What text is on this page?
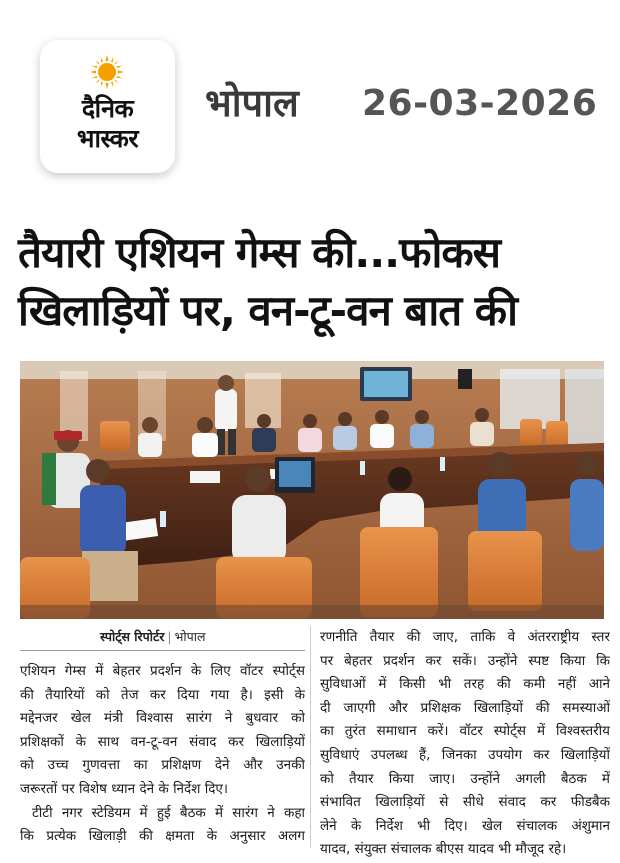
दैनिक
भास्कर
भोपाल 26-03-2026
तैयारी एशियन गेम्स की...फोकस
खिलाड़ियों पर, वन-टू-वन बात की
स्पोर्ट्स रिपोर्टर | भोपाल
एशियन गेम्स में बेहतर प्रदर्शन के लिए वॉटर स्पोर्ट्स
की तैयारियों को तेज कर दिया गया है। इसी के
मद्देनजर खेल मंत्री विश्वास सारंग ने बुधवार को
प्रशिक्षकों के साथ वन-टू-वन संवाद कर खिलाड़ियों
को उच्च गुणवत्ता का प्रशिक्षण देने और उनकी
जरूरतों पर विशेष ध्यान देने के निर्देश दिए।
टीटी नगर स्टेडियम में हुई बैठक में सारंग ने कहा
कि प्रत्येक खिलाड़ी की क्षमता के अनुसार अलग
रणनीति तैयार की जाए, ताकि वे अंतरराष्ट्रीय स्तर
पर बेहतर प्रदर्शन कर सकें। उन्होंने स्पष्ट किया कि
सुविधाओं में किसी भी तरह की कमी नहीं आने
दी जाएगी और प्रशिक्षक खिलाड़ियों की समस्याओं
का तुरंत समाधान करें। वॉटर स्पोर्ट्स में विश्वस्तरीय
सुविधाएं उपलब्ध हैं, जिनका उपयोग कर खिलाड़ियों
को तैयार किया जाए। उन्होंने अगली बैठक में
संभावित खिलाड़ियों से सीधे संवाद कर फीडबैक
लेने के निर्देश भी दिए। खेल संचालक अंशुमान
यादव, संयुक्त संचालक बीएस यादव भी मौजूद रहे।
